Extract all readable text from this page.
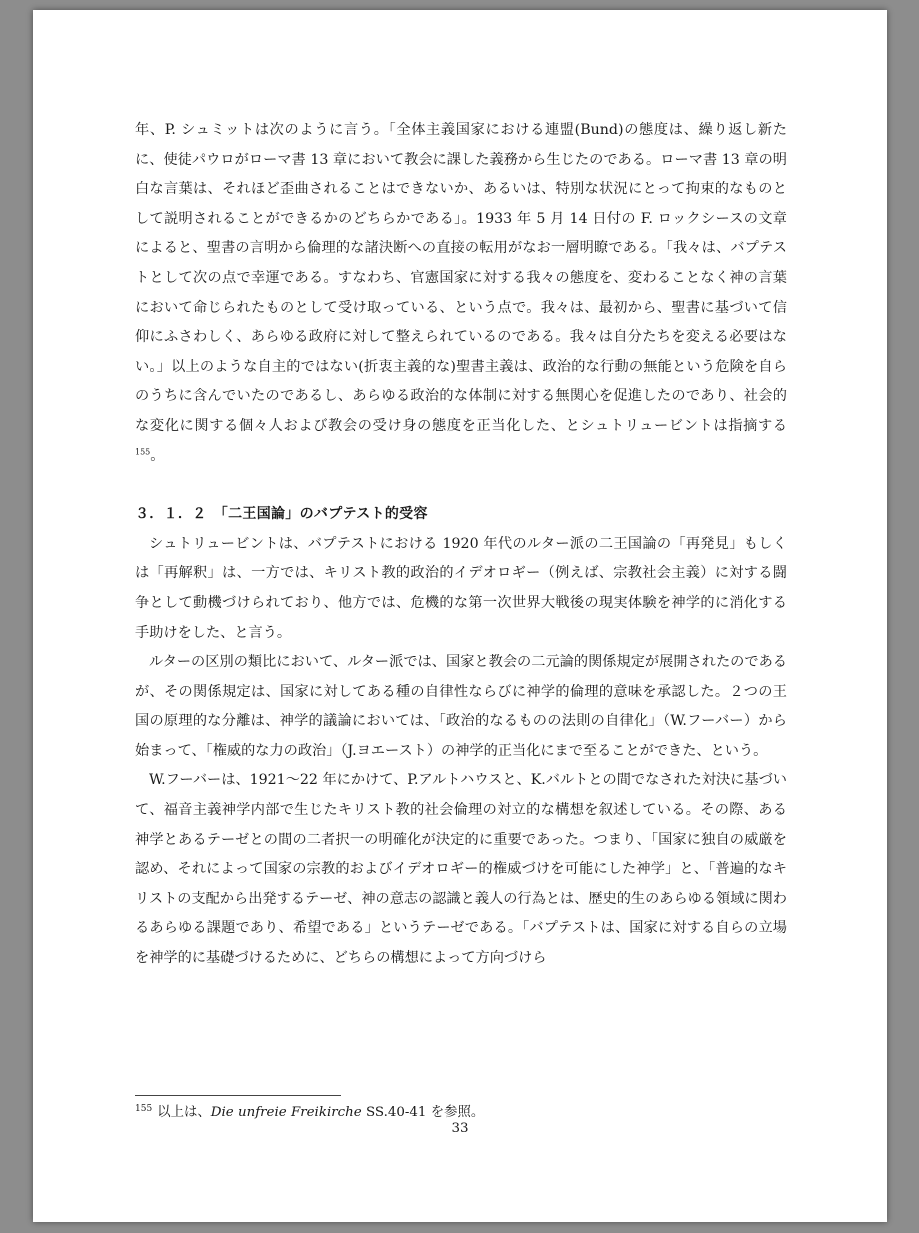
年、P. シュミットは次のように言う。「全体主義国家における連盟(Bund)の態度は、繰り返し新たに、使徒パウロがローマ書 13 章において教会に課した義務から生じたのである。ローマ書 13 章の明白な言葉は、それほど歪曲されることはできないか、あるいは、特別な状況にとって拘束的なものとして説明されることができるかのどちらかである」。1933 年 5 月 14 日付の F. ロックシースの文章によると、聖書の言明から倫理的な諸決断への直接の転用がなお一層明瞭である。「我々は、バプテストとして次の点で幸運である。すなわち、官憲国家に対する我々の態度を、変わることなく神の言葉において命じられたものとして受け取っている、という点で。我々は、最初から、聖書に基づいて信仰にふさわしく、あらゆる政府に対して整えられているのである。我々は自分たちを変える必要はない。」以上のような自主的ではない(折衷主義的な)聖書主義は、政治的な行動の無能という危険を自らのうちに含んでいたのであるし、あらゆる政治的な体制に対する無関心を促進したのであり、社会的な変化に関する個々人および教会の受け身の態度を正当化した、とシュトリュービントは指摘する$^{155}$。

３．１．２　「二王国論」のバプテスト的受容

シュトリュービントは、バプテストにおける 1920 年代のルター派の二王国論の「再発見」もしくは「再解釈」は、一方では、キリスト教的政治的イデオロギー（例えば、宗教社会主義）に対する闘争として動機づけられており、他方では、危機的な第一次世界大戦後の現実体験を神学的に消化する手助けをした、と言う。

ルターの区別の類比において、ルター派では、国家と教会の二元論的関係規定が展開されたのであるが、その関係規定は、国家に対してある種の自律性ならびに神学的倫理的意味を承認した。２つの王国の原理的な分離は、神学的議論においては、「政治的なるものの法則の自律化」（W.フーバー）から始まって、「権威的な力の政治」（J.ヨエースト）の神学的正当化にまで至ることができた、という。

W.フーバーは、1921〜22 年にかけて、P.アルトハウスと、K.バルトとの間でなされた対決に基づいて、福音主義神学内部で生じたキリスト教的社会倫理の対立的な構想を叙述している。その際、ある神学とあるテーゼとの間の二者択一の明確化が決定的に重要であった。つまり、「国家に独自の威厳を認め、それによって国家の宗教的およびイデオロギー的権威づけを可能にした神学」と、「普遍的なキリストの支配から出発するテーゼ、神の意志の認識と義人の行為とは、歴史的生のあらゆる領域に関わるあらゆる課題であり、希望である」というテーゼである。「バプテストは、国家に対する自らの立場を神学的に基礎づけるために、どちらの構想によって方向づけら

$^{155}$ 以上は、Die unfreie Freikirche SS.40-41 を参照。
33
